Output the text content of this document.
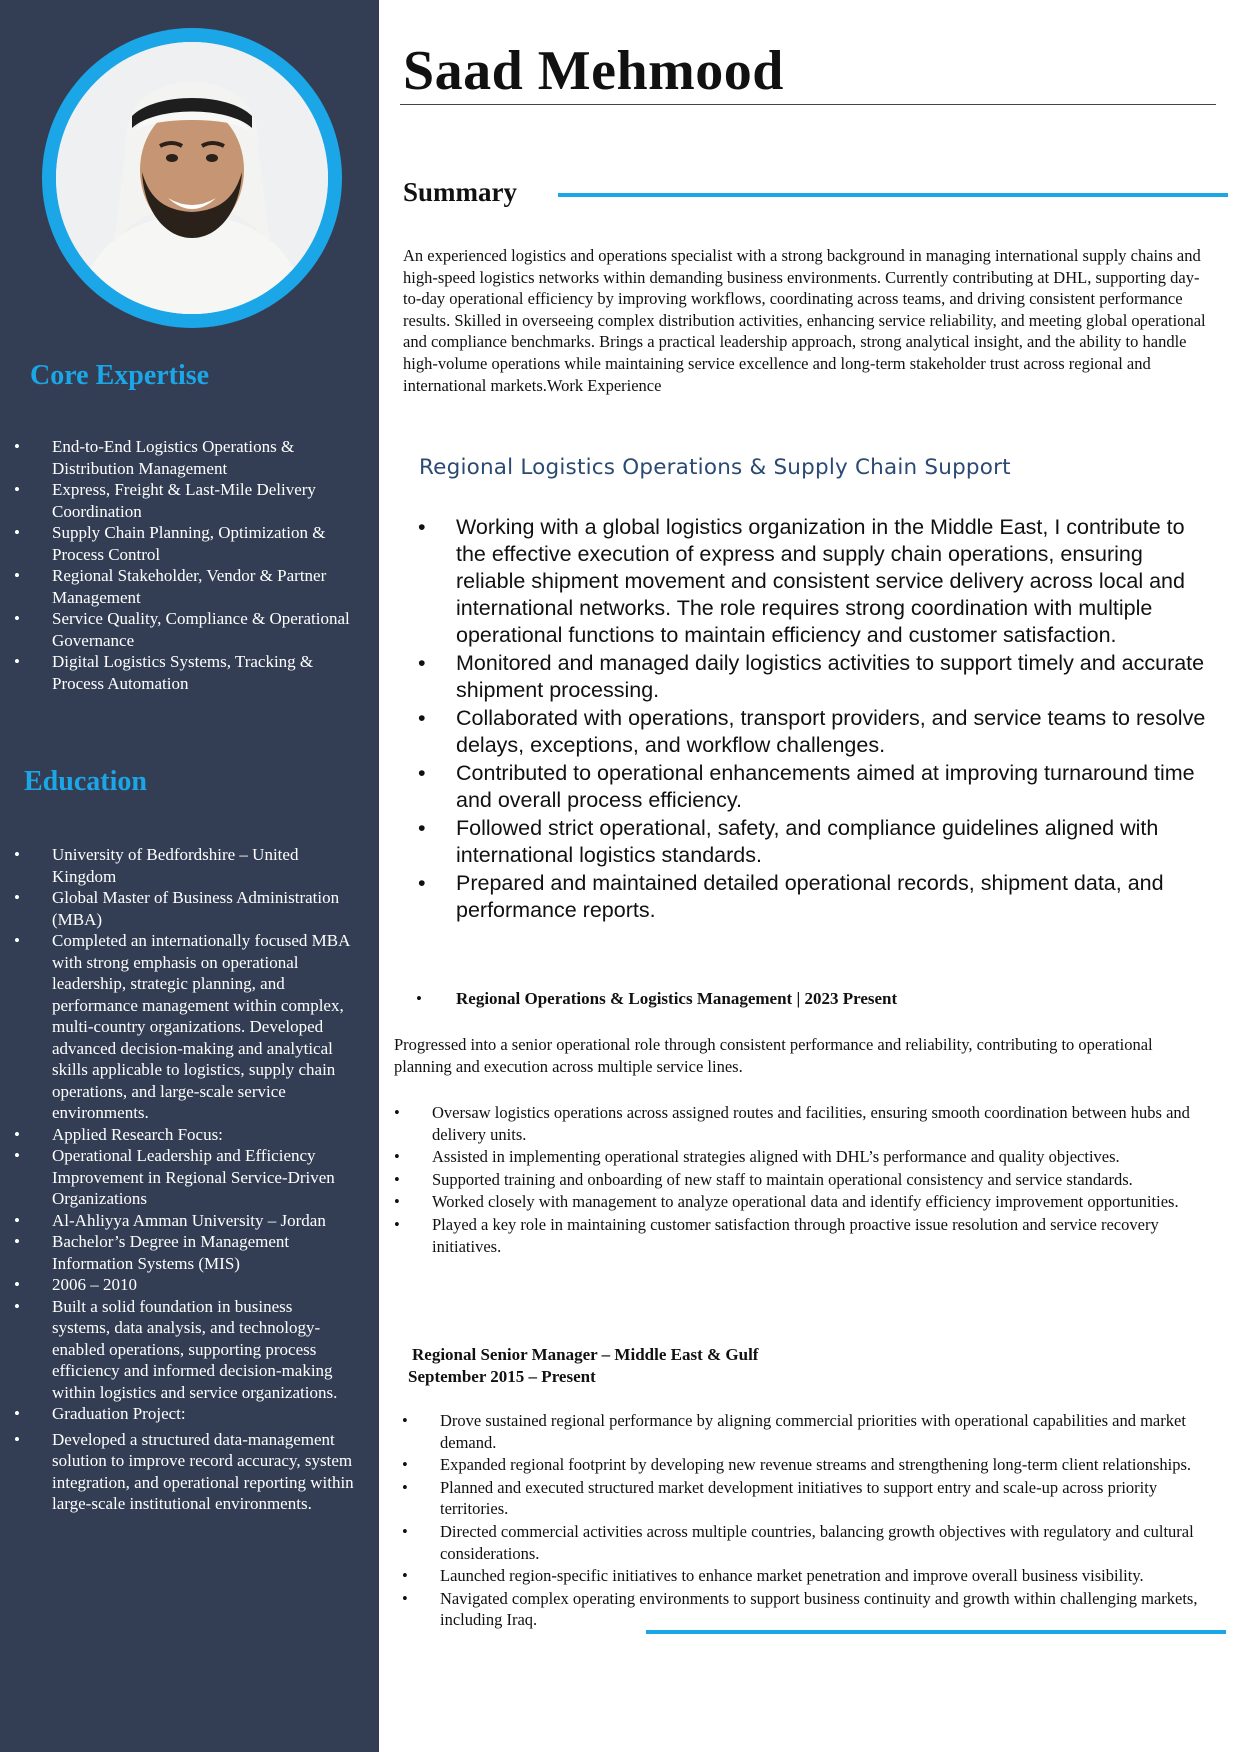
Core Expertise
• End-to-End Logistics Operations & Distribution Management
• Express, Freight & Last-Mile Delivery Coordination
• Supply Chain Planning, Optimization & Process Control
• Regional Stakeholder, Vendor & Partner Management
• Service Quality, Compliance & Operational Governance
• Digital Logistics Systems, Tracking & Process Automation
Education
• University of Bedfordshire – United Kingdom
• Global Master of Business Administration (MBA)
• Completed an internationally focused MBA with strong emphasis on operational leadership, strategic planning, and performance management within complex, multi-country organizations. Developed advanced decision-making and analytical skills applicable to logistics, supply chain operations, and large-scale service environments.
• Applied Research Focus:
• Operational Leadership and Efficiency Improvement in Regional Service-Driven Organizations
• Al-Ahliyya Amman University – Jordan
• Bachelor’s Degree in Management Information Systems (MIS)
• 2006 – 2010
• Built a solid foundation in business systems, data analysis, and technology-enabled operations, supporting process efficiency and informed decision-making within logistics and service organizations.
• Graduation Project:
• Developed a structured data-management solution to improve record accuracy, system integration, and operational reporting within large-scale institutional environments.
Saad Mehmood
Summary

An experienced logistics and operations specialist with a strong background in managing international supply chains and high-speed logistics networks within demanding business environments. Currently contributing at DHL, supporting day-to-day operational efficiency by improving workflows, coordinating across teams, and driving consistent performance results. Skilled in overseeing complex distribution activities, enhancing service reliability, and meeting global operational and compliance benchmarks. Brings a practical leadership approach, strong analytical insight, and the ability to handle high-volume operations while maintaining service excellence and long-term stakeholder trust across regional and international markets.Work Experience

Regional Logistics Operations & Supply Chain Support
• Working with a global logistics organization in the Middle East, I contribute to the effective execution of express and supply chain operations, ensuring reliable shipment movement and consistent service delivery across local and international networks. The role requires strong coordination with multiple operational functions to maintain efficiency and customer satisfaction.
• Monitored and managed daily logistics activities to support timely and accurate shipment processing.
• Collaborated with operations, transport providers, and service teams to resolve delays, exceptions, and workflow challenges.
• Contributed to operational enhancements aimed at improving turnaround time and overall process efficiency.
• Followed strict operational, safety, and compliance guidelines aligned with international logistics standards.
• Prepared and maintained detailed operational records, shipment data, and performance reports.

• Regional Operations & Logistics Management | 2023 Present

Progressed into a senior operational role through consistent performance and reliability, contributing to operational planning and execution across multiple service lines.

• Oversaw logistics operations across assigned routes and facilities, ensuring smooth coordination between hubs and delivery units.
• Assisted in implementing operational strategies aligned with DHL’s performance and quality objectives.
• Supported training and onboarding of new staff to maintain operational consistency and service standards.
• Worked closely with management to analyze operational data and identify efficiency improvement opportunities.
• Played a key role in maintaining customer satisfaction through proactive issue resolution and service recovery initiatives.

Regional Senior Manager – Middle East & Gulf

September 2015 – Present

• Drove sustained regional performance by aligning commercial priorities with operational capabilities and market demand.
• Expanded regional footprint by developing new revenue streams and strengthening long-term client relationships.
• Planned and executed structured market development initiatives to support entry and scale-up across priority territories.
• Directed commercial activities across multiple countries, balancing growth objectives with regulatory and cultural considerations.
• Launched region-specific initiatives to enhance market penetration and improve overall business visibility.
• Navigated complex operating environments to support business continuity and growth within challenging markets, including Iraq.
